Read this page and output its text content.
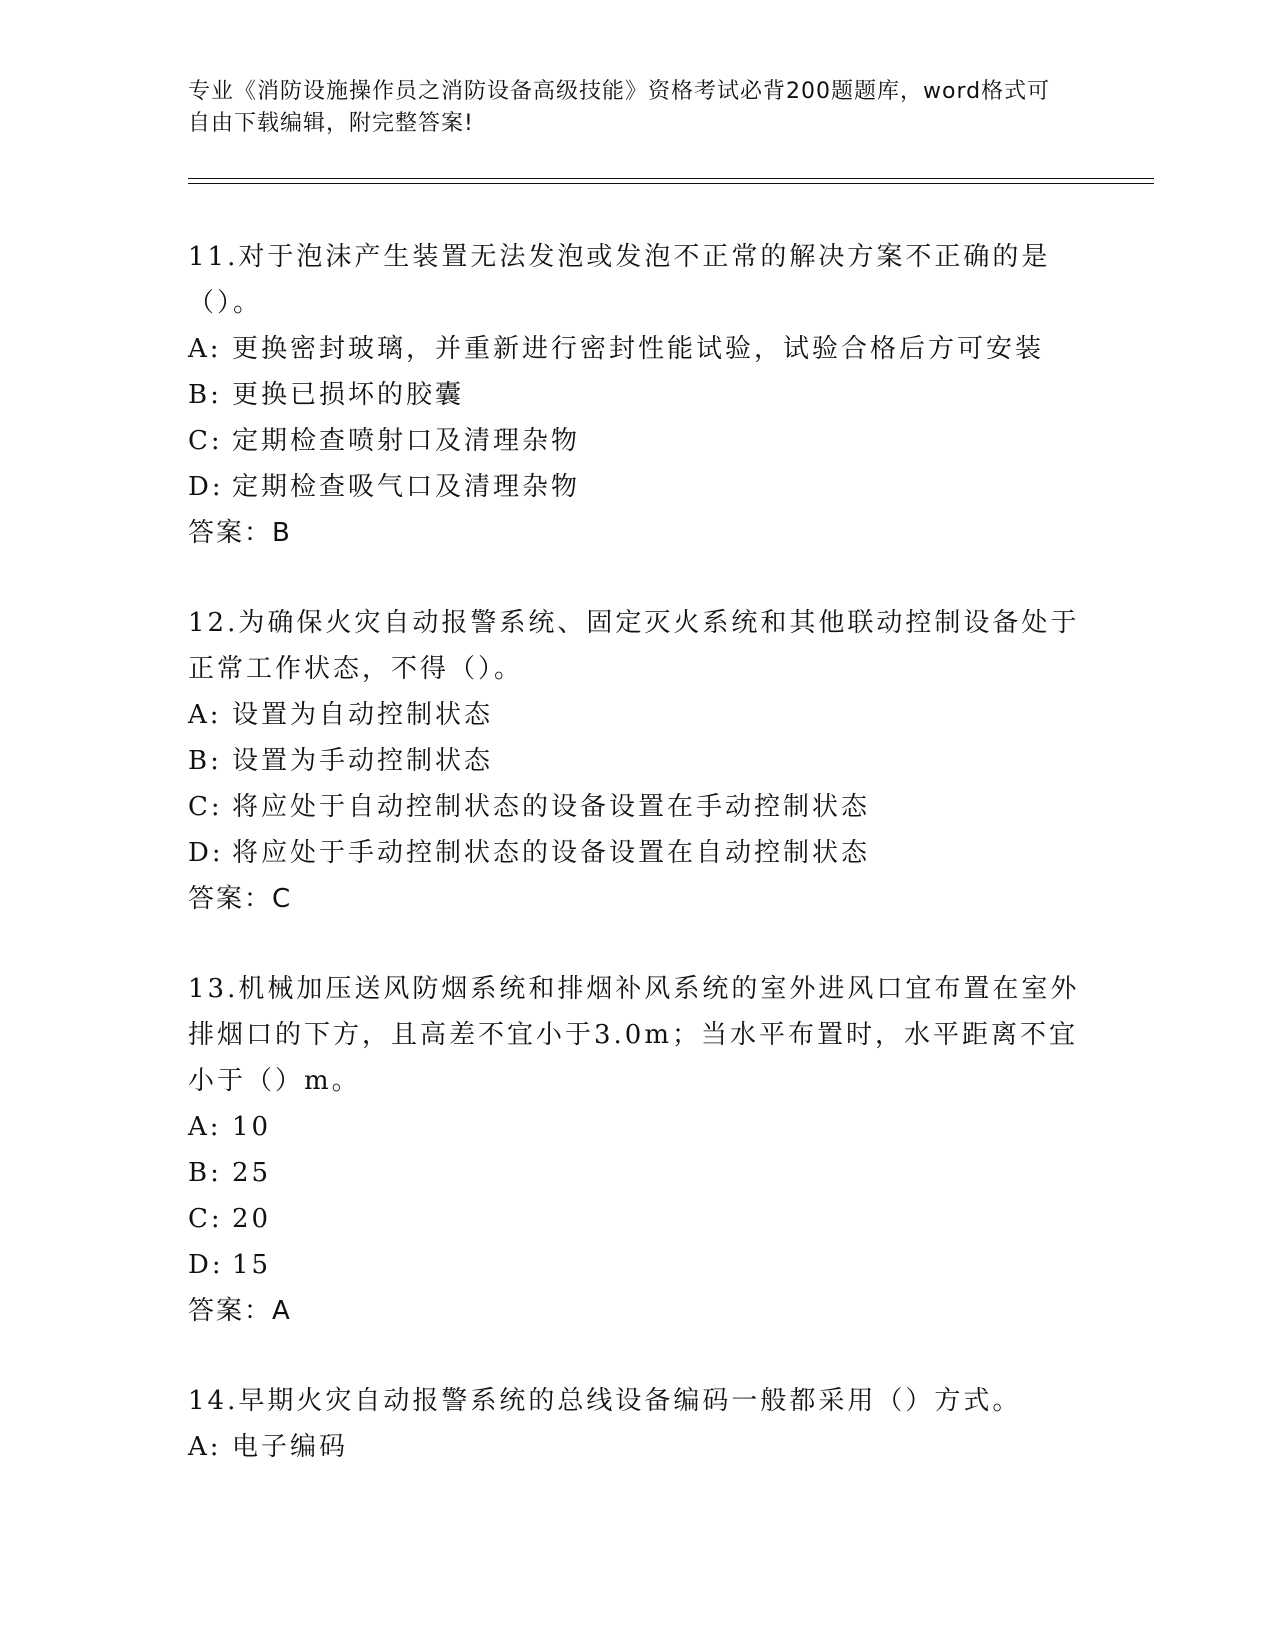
专业《消防设施操作员之消防设备高级技能》资格考试必背200题题库，word格式可自由下载编辑，附完整答案!

11.对于泡沫产生装置无法发泡或发泡不正常的解决方案不正确的是（）。

A: 更换密封玻璃，并重新进行密封性能试验，试验合格后方可安装

B: 更换已损坏的胶囊

C: 定期检查喷射口及清理杂物

D: 定期检查吸气口及清理杂物

答案：B

12.为确保火灾自动报警系统、固定灭火系统和其他联动控制设备处于正常工作状态，不得（）。

A: 设置为自动控制状态

B: 设置为手动控制状态

C: 将应处于自动控制状态的设备设置在手动控制状态

D: 将应处于手动控制状态的设备设置在自动控制状态

答案：C

13.机械加压送风防烟系统和排烟补风系统的室外进风口宜布置在室外排烟口的下方，且高差不宜小于3.0m；当水平布置时，水平距离不宜小于（）m。

A: 10

B: 25

C: 20

D: 15

答案：A

14.早期火灾自动报警系统的总线设备编码一般都采用（）方式。

A: 电子编码
